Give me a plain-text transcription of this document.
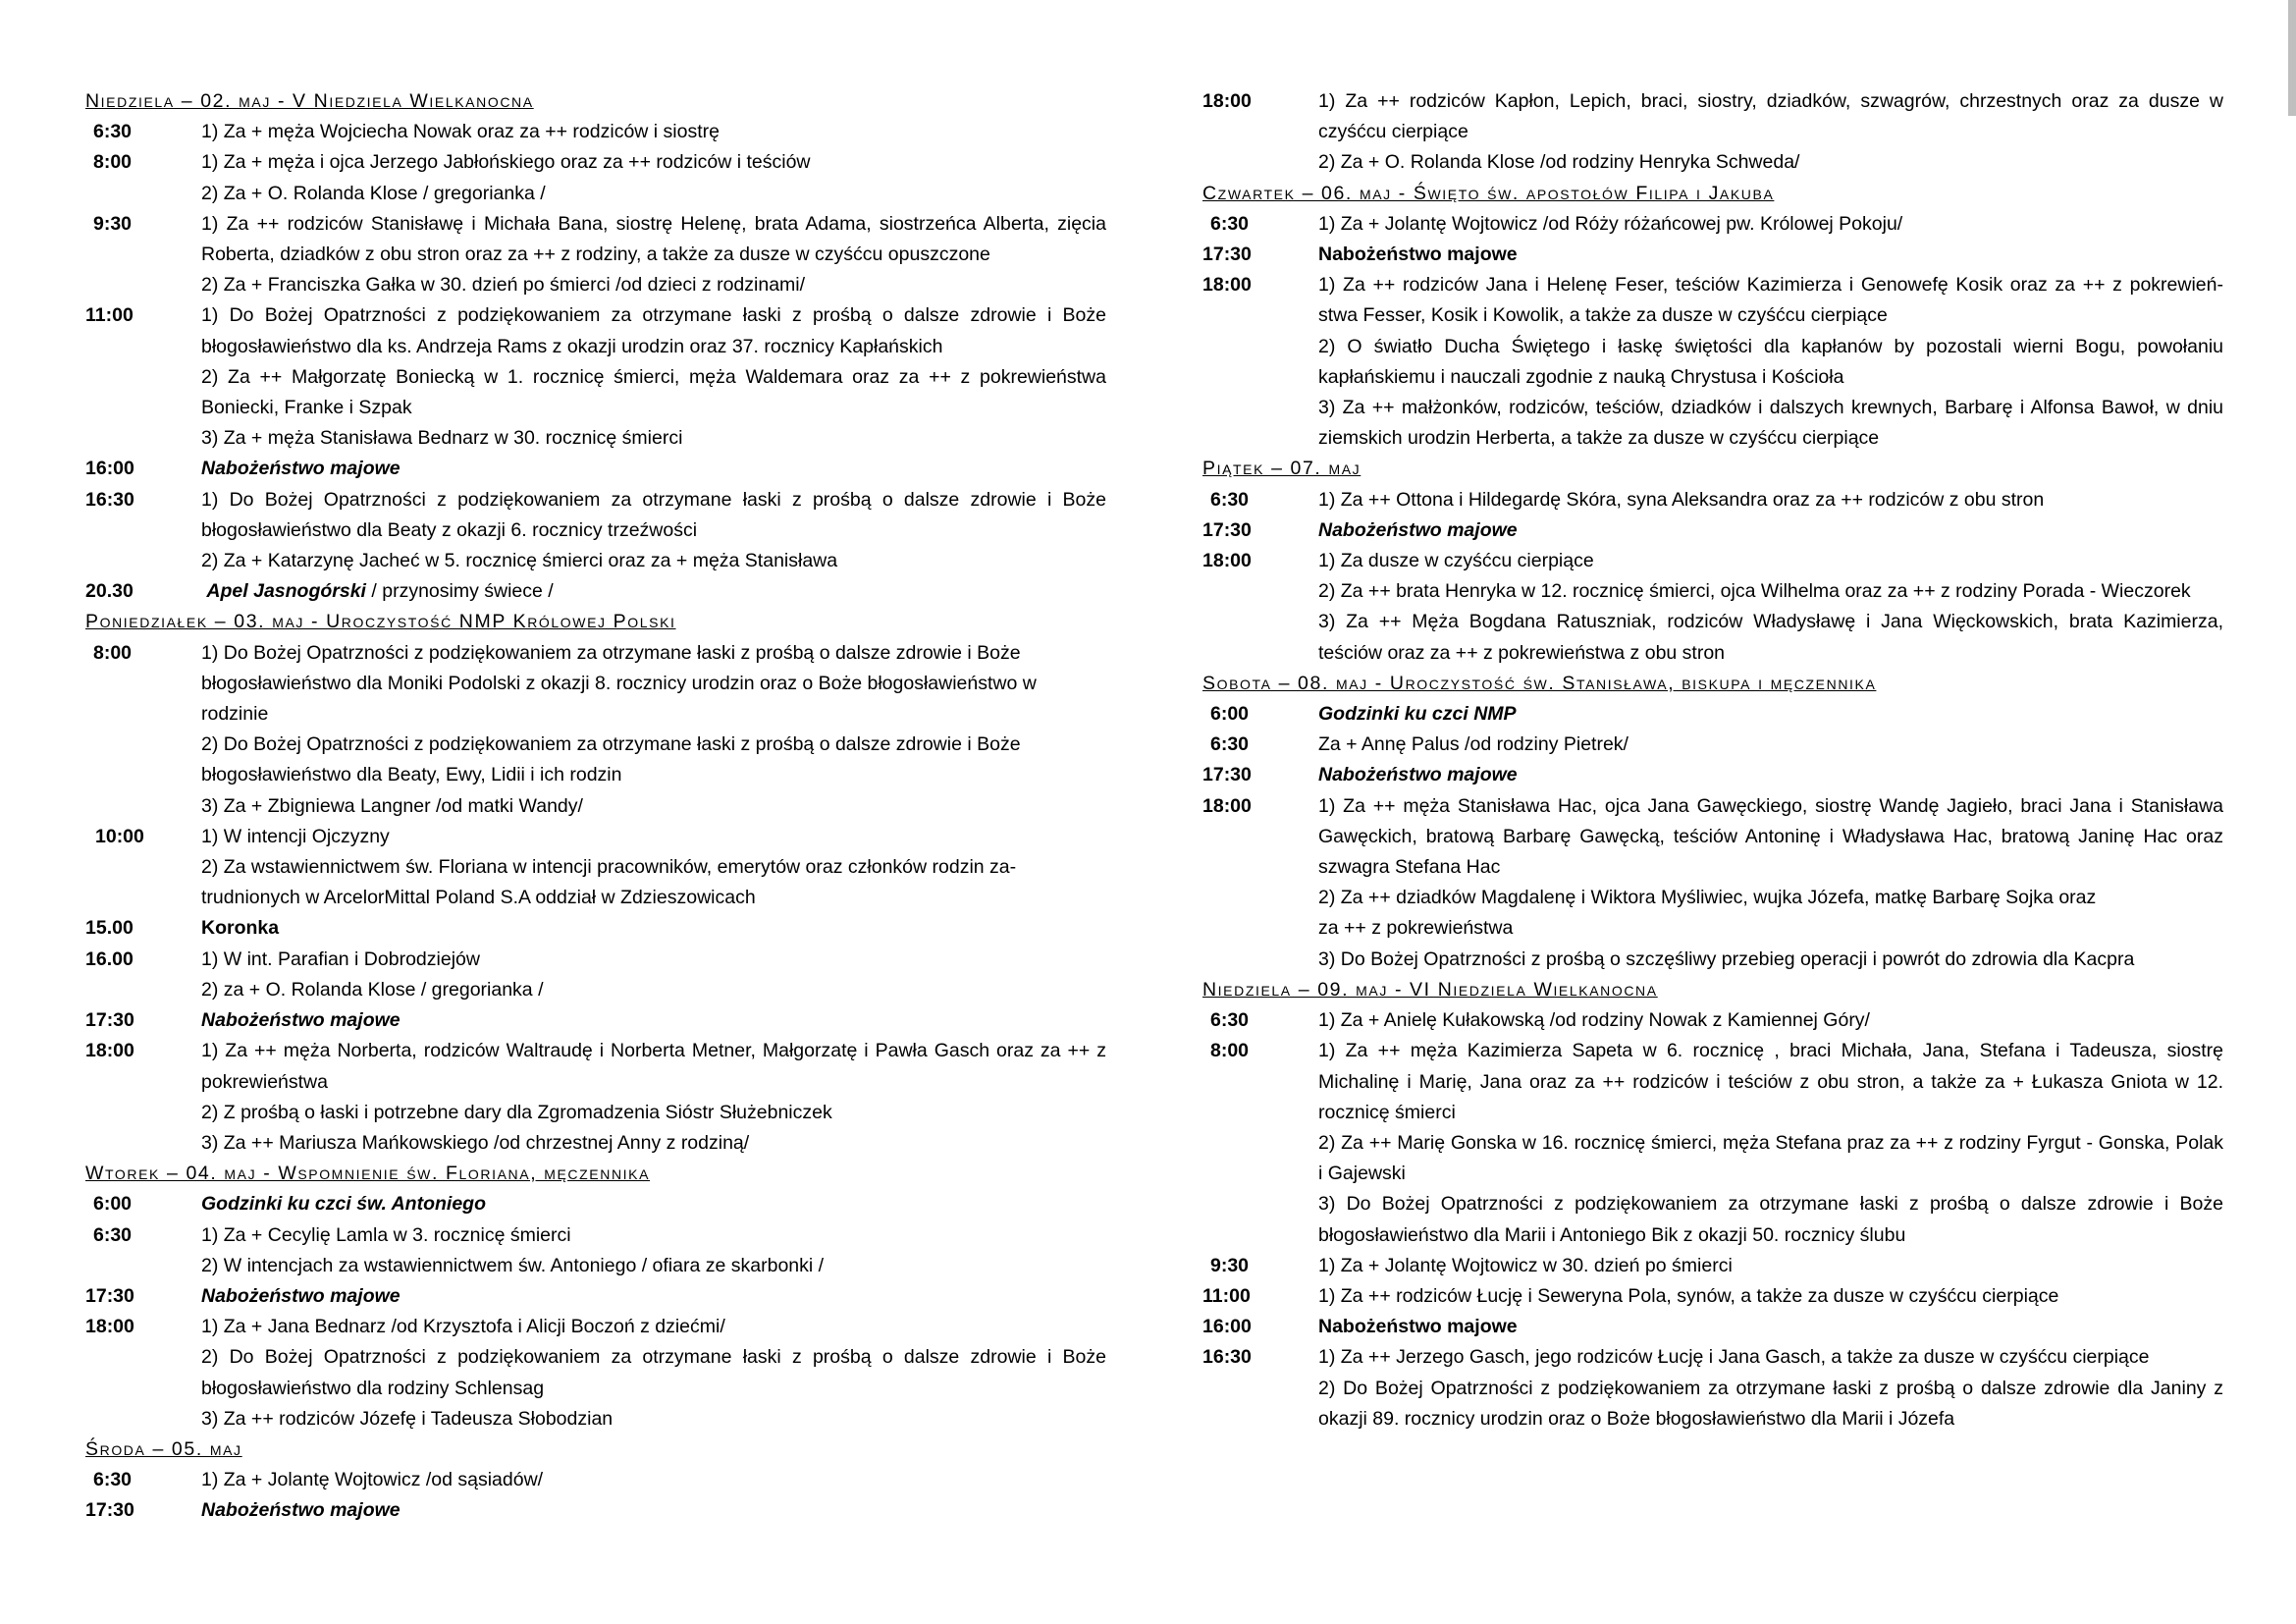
Niedziela – 02. maj - V Niedziela Wielkanocna
6:30	1) Za + męża Wojciecha Nowak oraz za ++ rodziców i siostrę
8:00	1) Za + męża i ojca Jerzego Jabłońskiego oraz za ++ rodziców i teściów
2) Za + O. Rolanda Klose / gregorianka /
9:30	1) Za ++ rodziców Stanisławę i Michała Bana, siostrę Helenę, brata Adama, siostrzeńca Alberta, zięcia Roberta, dziadków z obu stron oraz za ++ z rodziny, a także za dusze w czyśćcu opuszczone
2) Za + Franciszka Gałka w 30. dzień po śmierci /od dzieci z rodzinami/
11:00	1) Do Bożej Opatrzności z podziękowaniem za otrzymane łaski z prośbą o dalsze zdrowie i Boże błogosławieństwo dla ks. Andrzeja Rams z okazji urodzin oraz 37. rocznicy Kapłańskich
2) Za ++ Małgorzatę Boniecką w 1. rocznicę śmierci, męża Waldemara oraz za ++ z pokrewieństwa Boniecki, Franke i Szpak
3) Za + męża Stanisława Bednarz w 30. rocznicę śmierci
16:00	Nabożeństwo majowe
16:30	1) Do Bożej Opatrzności z podziękowaniem za otrzymane łaski z prośbą o dalsze zdrowie i Boże błogosławieństwo dla Beaty z okazji 6. rocznicy trzeźwości
2) Za + Katarzynę Jacheć w 5. rocznicę śmierci oraz za + męża Stanisława
20.30	Apel Jasnogórski / przynosimy świece /
Poniedziałek – 03. maj - Uroczystość NMP Królowej Polski
8:00	1) Do Bożej Opatrzności z podziękowaniem za otrzymane łaski z prośbą o dalsze zdrowie i Boże błogosławieństwo dla Moniki Podolski z okazji 8. rocznicy urodzin oraz o Boże błogosławieństwo w rodzinie
2) Do Bożej Opatrzności z podziękowaniem za otrzymane łaski z prośbą o dalsze zdrowie i Boże błogosławieństwo dla Beaty, Ewy, Lidii i ich rodzin
3) Za + Zbigniewa Langner /od matki Wandy/
10:00	1) W intencji Ojczyzny
2) Za wstawiennictwem św. Floriana w intencji pracowników, emerytów oraz członków rodzin za-trudnionych w ArcelorMittal Poland S.A oddział w Zdzieszowicach
15.00	Koronka
16.00	1) W int. Parafian i Dobrodziejów
2) za + O. Rolanda Klose / gregorianka /
17:30	Nabożeństwo majowe
18:00	1) Za ++ męża Norberta, rodziców Waltraudę i Norberta Metner, Małgorzatę i Pawła Gasch oraz za ++ z pokrewieństwa
2) Z prośbą o łaski i potrzebne dary dla Zgromadzenia Sióstr Służebniczek
3) Za ++ Mariusza Mańkowskiego /od chrzestnej Anny z rodziną/
Wtorek – 04. maj - Wspomnienie św. Floriana, męczennika
6:00	Godzinki ku czci św. Antoniego
6:30	1) Za + Cecylię Lamla w 3. rocznicę śmierci
2) W intencjach za wstawiennictwem św. Antoniego / ofiara ze skarbonki /
17:30	Nabożeństwo majowe
18:00	1) Za + Jana Bednarz /od Krzysztofa i Alicji Boczoń z dziećmi/
2) Do Bożej Opatrzności z podziękowaniem za otrzymane łaski z prośbą o dalsze zdrowie i Boże błogosławieństwo dla rodziny Schlensag
3) Za ++ rodziców Józefę i Tadeusza Słobodzian
Środa – 05. maj
6:30	1) Za + Jolantę Wojtowicz /od sąsiadów/
17:30	Nabożeństwo majowe
18:00	1) Za ++ rodziców Kapłon, Lepich, braci, siostry, dziadków, szwagrów, chrzestnych oraz za dusze w czyśćcu cierpiące
2) Za + O. Rolanda Klose /od rodziny Henryka Schweda/
Czwartek – 06. maj - Święto św. apostołów Filipa i Jakuba
6:30	1) Za + Jolantę Wojtowicz /od Róży różańcowej pw. Królowej Pokoju/
17:30	Nabożeństwo majowe
18:00	1) Za ++ rodziców Jana i Helenę Feser, teściów Kazimierza i Genowefę Kosik oraz za ++ z pokrewień-stwa Fesser, Kosik i Kowolik, a także za dusze w czyśćcu cierpiące
2) O światło Ducha Świętego i łaskę świętości dla kapłanów by pozostali wierni Bogu, powołaniu kapłańskiemu i nauczali zgodnie z nauką Chrystusa i Kościoła
3) Za ++ małżonków, rodziców, teściów, dziadków i dalszych krewnych, Barbarę i Alfonsa Bawoł, w dniu ziemskich urodzin Herberta, a także za dusze w czyśćcu cierpiące
Piątek – 07. maj
6:30	1) Za ++ Ottona i Hildegardę Skóra, syna Aleksandra oraz za ++ rodziców z obu stron
17:30	Nabożeństwo majowe
18:00	1) Za dusze w czyśćcu cierpiące
2) Za ++ brata Henryka w 12. rocznicę śmierci, ojca Wilhelma oraz za ++ z rodziny Porada - Wieczorek
3) Za ++ Męża Bogdana Ratuszniak, rodziców Władysławę i Jana Więckowskich, brata Kazimierza, teściów oraz za ++ z pokrewieństwa z obu stron
Sobota – 08. maj - Uroczystość św. Stanisława, biskupa i męczennika
6:00	Godzinki ku czci NMP
6:30	Za + Annę Palus /od rodziny Pietrek/
17:30	Nabożeństwo majowe
18:00	1) Za ++ męża Stanisława Hac, ojca Jana Gawęckiego, siostrę Wandę Jagieło, braci Jana i Stanisława Gawęckich, bratową Barbarę Gawęcką, teściów Antoninę i Władysława Hac, bratową Janinę Hac oraz szwagra Stefana Hac
2) Za ++ dziadków Magdalenę i Wiktora Myśliwiec, wujka Józefa, matkę Barbarę Sojka oraz
za ++ z pokrewieństwa
3) Do Bożej Opatrzności z prośbą o szczęśliwy przebieg operacji i powrót do zdrowia dla Kacpra
Niedziela – 09. maj - VI Niedziela Wielkanocna
6:30	1) Za + Anielę Kułakowską /od rodziny Nowak z Kamiennej Góry/
8:00	1) Za ++ męża Kazimierza Sapeta w 6. rocznicę , braci Michała, Jana, Stefana i Tadeusza, siostrę Michalinę i Marię, Jana oraz za ++ rodziców i teściów z obu stron, a także za + Łukasza Gniota w 12. rocznicę śmierci
2) Za ++ Marię Gonska w 16. rocznicę śmierci, męża Stefana praz za ++ z rodziny Fyrgut - Gonska, Polak i Gajewski
3) Do Bożej Opatrzności z podziękowaniem za otrzymane łaski z prośbą o dalsze zdrowie i Boże błogosławieństwo dla Marii i Antoniego Bik z okazji 50. rocznicy ślubu
9:30	1) Za + Jolantę Wojtowicz w 30. dzień po śmierci
11:00	1) Za ++ rodziców Łucję i Seweryna Pola, synów, a także za dusze w czyśćcu cierpiące
16:00	Nabożeństwo majowe
16:30	1) Za ++ Jerzego Gasch, jego rodziców Łucję i Jana Gasch, a także za dusze w czyśćcu cierpiące
2) Do Bożej Opatrzności z podziękowaniem za otrzymane łaski z prośbą o dalsze zdrowie dla Janiny z okazji 89. rocznicy urodzin oraz o Boże błogosławieństwo dla Marii i Józefa
